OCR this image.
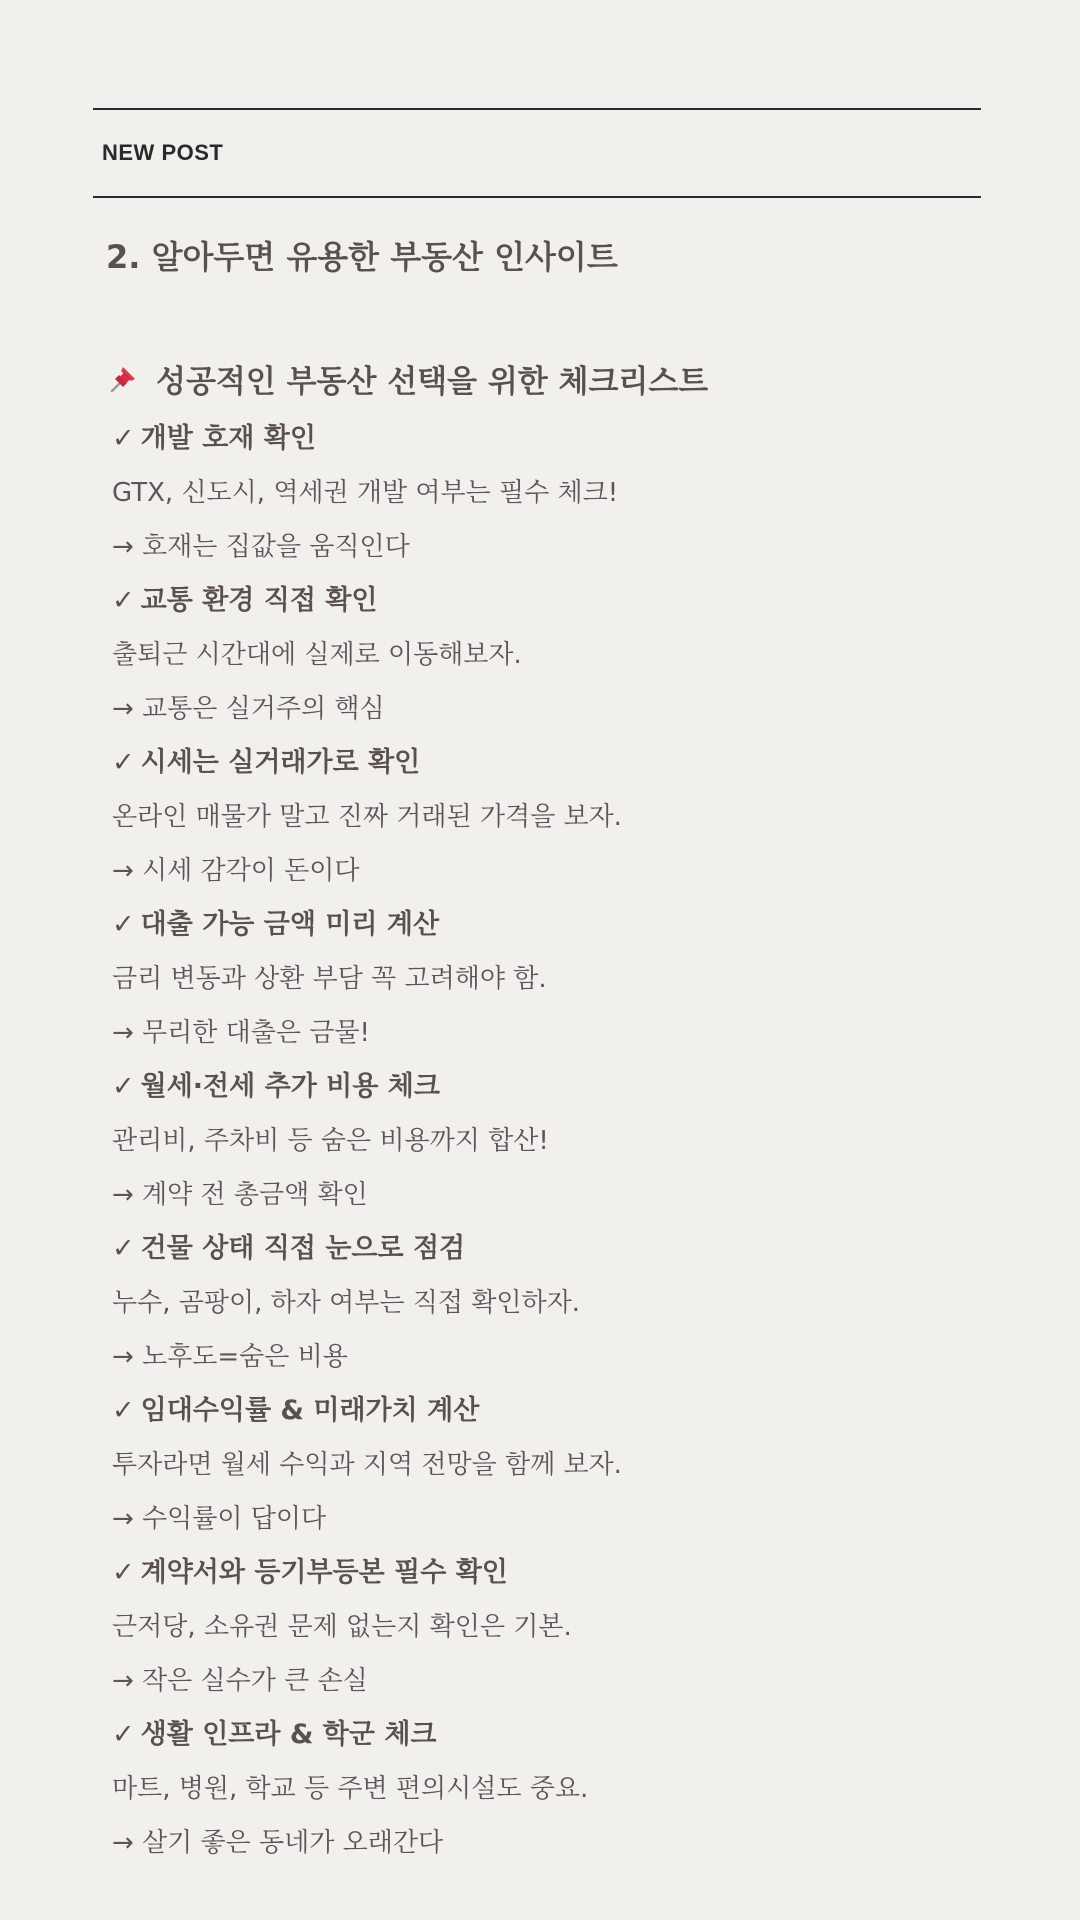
NEW POST
2. 알아두면 유용한 부동산 인사이트
성공적인 부동산 선택을 위한 체크리스트
✓ 개발 호재 확인
GTX, 신도시, 역세권 개발 여부는 필수 체크!
→ 호재는 집값을 움직인다
✓ 교통 환경 직접 확인
출퇴근 시간대에 실제로 이동해보자.
→ 교통은 실거주의 핵심
✓ 시세는 실거래가로 확인
온라인 매물가 말고 진짜 거래된 가격을 보자.
→ 시세 감각이 돈이다
✓ 대출 가능 금액 미리 계산
금리 변동과 상환 부담 꼭 고려해야 함.
→ 무리한 대출은 금물!
✓ 월세·전세 추가 비용 체크
관리비, 주차비 등 숨은 비용까지 합산!
→ 계약 전 총금액 확인
✓ 건물 상태 직접 눈으로 점검
누수, 곰팡이, 하자 여부는 직접 확인하자.
→ 노후도=숨은 비용
✓ 임대수익률 & 미래가치 계산
투자라면 월세 수익과 지역 전망을 함께 보자.
→ 수익률이 답이다
✓ 계약서와 등기부등본 필수 확인
근저당, 소유권 문제 없는지 확인은 기본.
→ 작은 실수가 큰 손실
✓ 생활 인프라 & 학군 체크
마트, 병원, 학교 등 주변 편의시설도 중요.
→ 살기 좋은 동네가 오래간다
